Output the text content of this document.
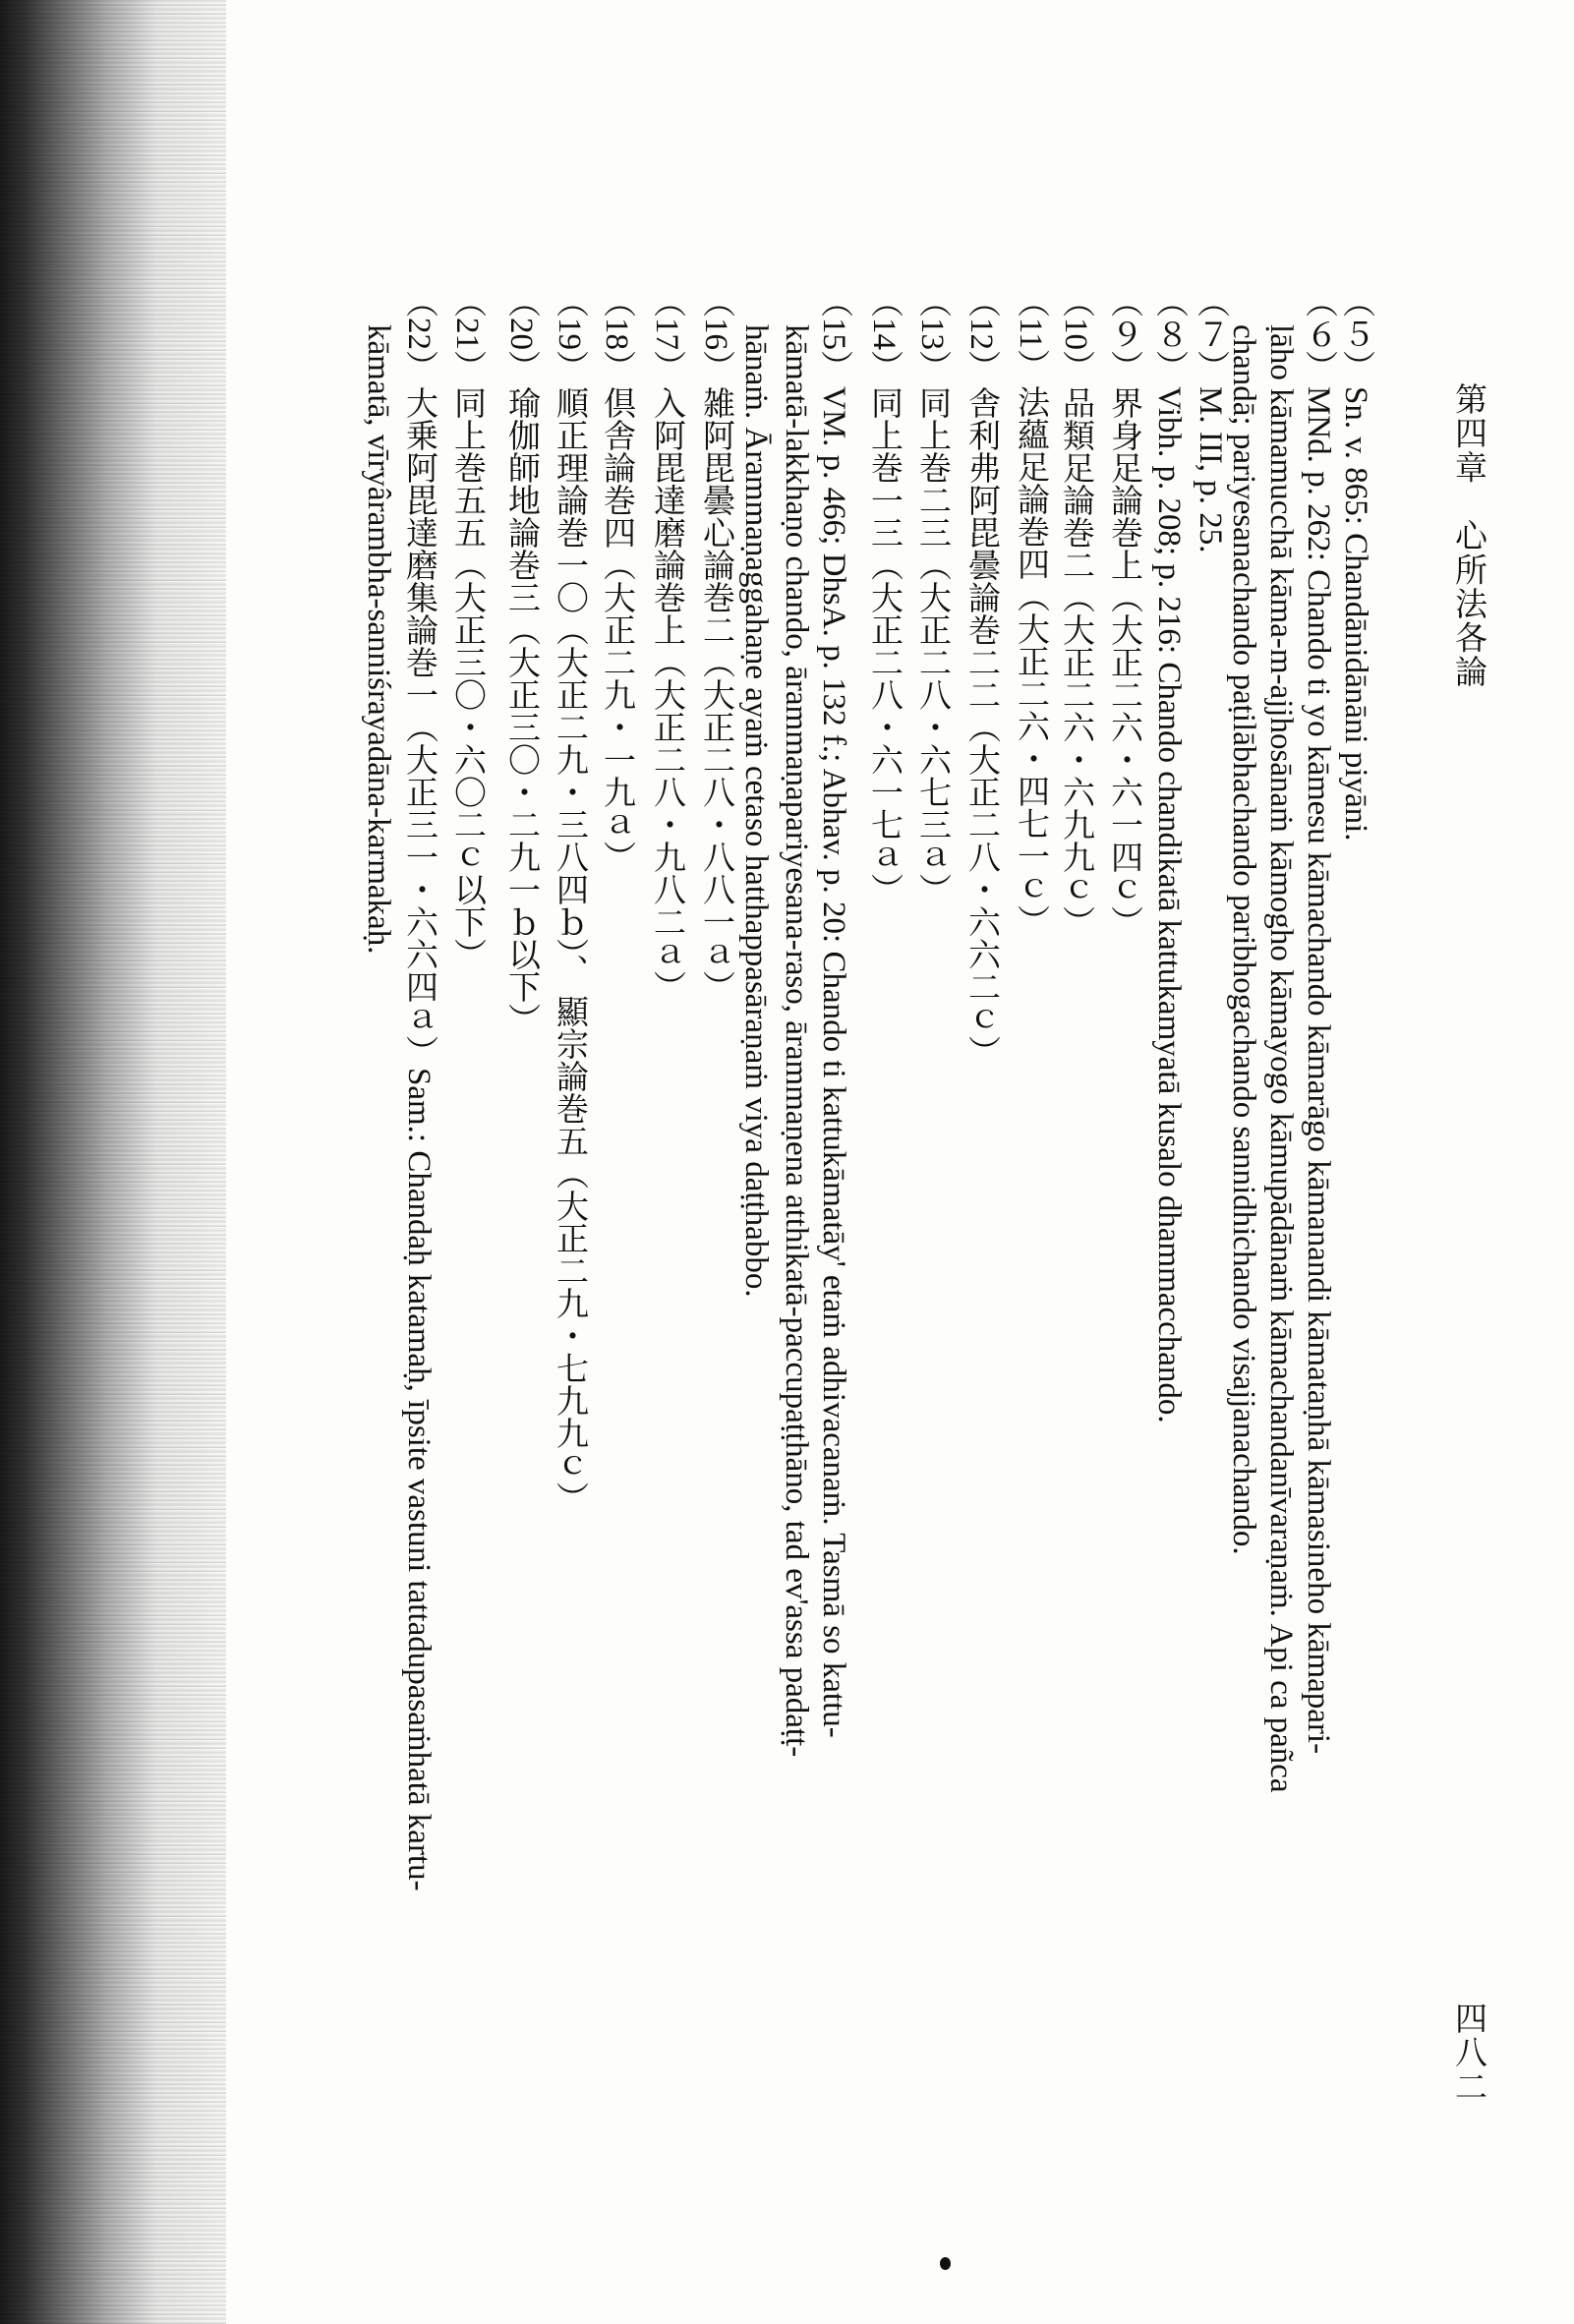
第四章　心所法各論
四八二
（５）Sn. v. 865: Chandānidānāni piyāni.
（６）MNd. p. 262: Chando ti yo kāmesu kāmachando kāmarāgo kāmanandi kāmataṇhā kāmasineho kāmapari-
ḷāho kāmamucchā kāma-m-ajjhosānaṁ kāmogho kāmayogo kāmupādānaṁ kāmachandanīvaraṇaṁ. Api ca pañca
chandā; pariyesanachando paṭilābhachando paribhogachando sannidhichando visajjanachando.
（７）M. III, p. 25.
（８）Vibh. p. 208; p. 216: Chando chandikatā kattukamyatā kusalo dhammacchando.
（９）界身足論巻上（大正二六・六一四ｃ）
（10）品類足論巻二（大正二六・六九九ｃ）
（11）法蘊足論巻四（大正二六・四七一ｃ）
（12）舎利弗阿毘曇論巻二二（大正二八・六六二ｃ）
（13）同上巻二三（大正二八・六七三ａ）
（14）同上巻一三（大正二八・六一七ａ）
（15）VM. p. 466; DhsA. p. 132 f.; Abhav. p. 20: Chando ti kattukāmatāy' etaṁ adhivacanaṁ. Tasmā so kattu-
kāmatā-lakkhaṇo chando, ārammaṇapariyesana-raso, ārammaṇena atthikatā-paccupaṭṭhāno, tad ev'assa padaṭṭ-
hānaṁ. Ārammaṇaggahaṇe ayaṁ cetaso hatthappasāraṇaṁ viya daṭṭhabbo.
（16）雑阿毘曇心論巻二（大正二八・八八一ａ）
（17）入阿毘達磨論巻上（大正二八・九八二ａ）
（18）倶舎論巻四（大正二九・一九ａ）
（19）順正理論巻一〇（大正二九・三八四ｂ）、 顯宗論巻五（大正二九・七九九ｃ）
（20）瑜伽師地論巻三（大正三〇・二九一ｂ以下）
（21）同上巻五五（大正三〇・六〇二ｃ以下）
（22）大乗阿毘達磨集論巻一（大正三一・六六四ａ）Sam.: Chandaḥ katamaḥ, īpsite vastuni tattadupasaṁhatā kartu-
kāmatā, vīryârambha-sanniśrayadāna-karmakaḥ.
